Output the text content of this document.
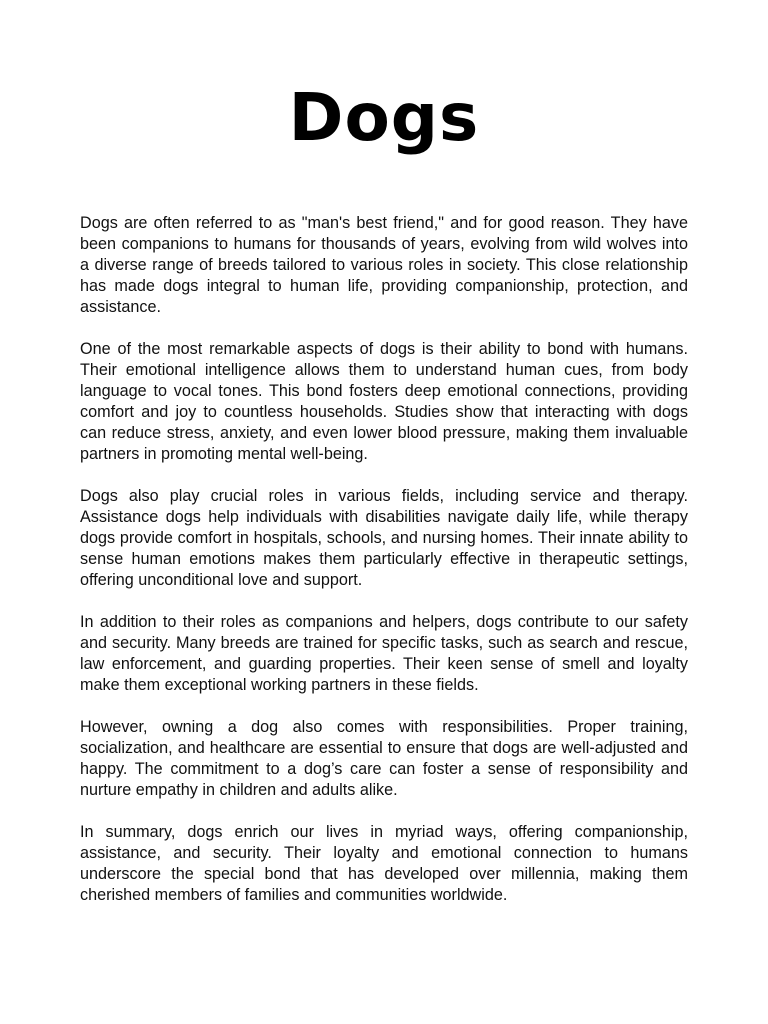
Dogs

Dogs are often referred to as "man's best friend," and for good reason. They have been companions to humans for thousands of years, evolving from wild wolves into a diverse range of breeds tailored to various roles in society. This close relationship has made dogs integral to human life, providing companionship, protection, and assistance.

One of the most remarkable aspects of dogs is their ability to bond with humans. Their emotional intelligence allows them to understand human cues, from body language to vocal tones. This bond fosters deep emotional connections, providing comfort and joy to countless households. Studies show that interacting with dogs can reduce stress, anxiety, and even lower blood pressure, making them invaluable partners in promoting mental well-being.

Dogs also play crucial roles in various fields, including service and therapy. Assistance dogs help individuals with disabilities navigate daily life, while therapy dogs provide comfort in hospitals, schools, and nursing homes. Their innate ability to sense human emotions makes them particularly effective in therapeutic settings, offering unconditional love and support.

In addition to their roles as companions and helpers, dogs contribute to our safety and security. Many breeds are trained for specific tasks, such as search and rescue, law enforcement, and guarding properties. Their keen sense of smell and loyalty make them exceptional working partners in these fields.

However, owning a dog also comes with responsibilities. Proper training, socialization, and healthcare are essential to ensure that dogs are well-adjusted and happy. The commitment to a dog’s care can foster a sense of responsibility and nurture empathy in children and adults alike.

In summary, dogs enrich our lives in myriad ways, offering companionship, assistance, and security. Their loyalty and emotional connection to humans underscore the special bond that has developed over millennia, making them cherished members of families and communities worldwide.
